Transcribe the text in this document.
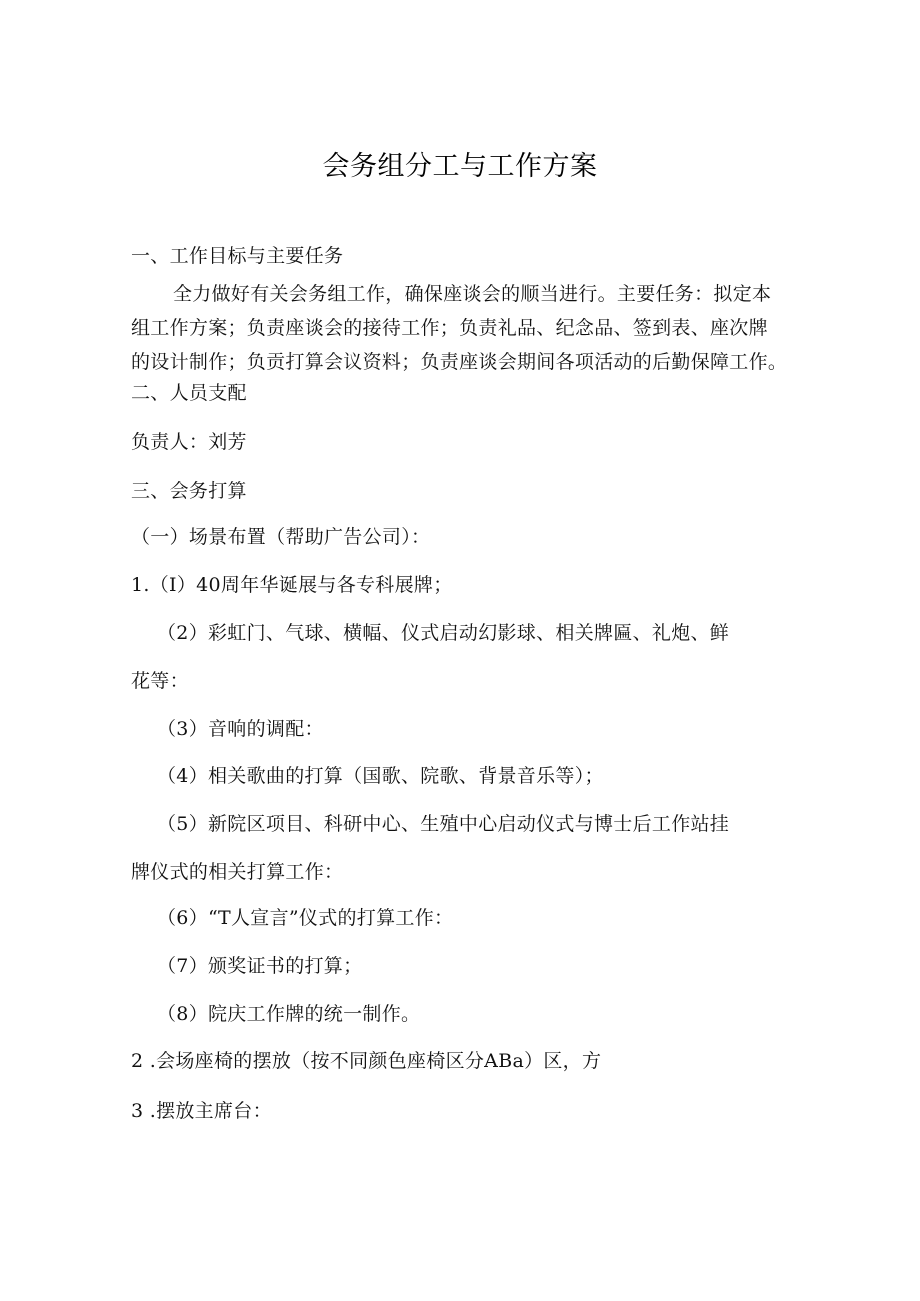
会务组分工与工作方案
一、工作目标与主要任务
全力做好有关会务组工作，确保座谈会的顺当进行。主要任务：拟定本
组工作方案；负责座谈会的接待工作；负责礼品、纪念品、签到表、座次牌
的设计制作；负贡打算会议资料；负责座谈会期间各项活动的后勤保障工作。
二、人员支配
负责人：刘芳
三、会务打算
（一）场景布置（帮助广告公司）：
1.（I）40周年华诞展与各专科展牌；
（2）彩虹门、气球、横幅、仪式启动幻影球、相关牌匾、礼炮、鲜
花等：
（3）音响的调配：
（4）相关歌曲的打算（国歌、院歌、背景音乐等）；
（5）新院区项目、科研中心、生殖中心启动仪式与博士后工作站挂
牌仪式的相关打算工作：
（6）“T人宣言”仪式的打算工作：
（7）颁奖证书的打算；
（8）院庆工作牌的统一制作。
2 .会场座椅的摆放（按不同颜色座椅区分ABa）区，方
3 .摆放主席台：
